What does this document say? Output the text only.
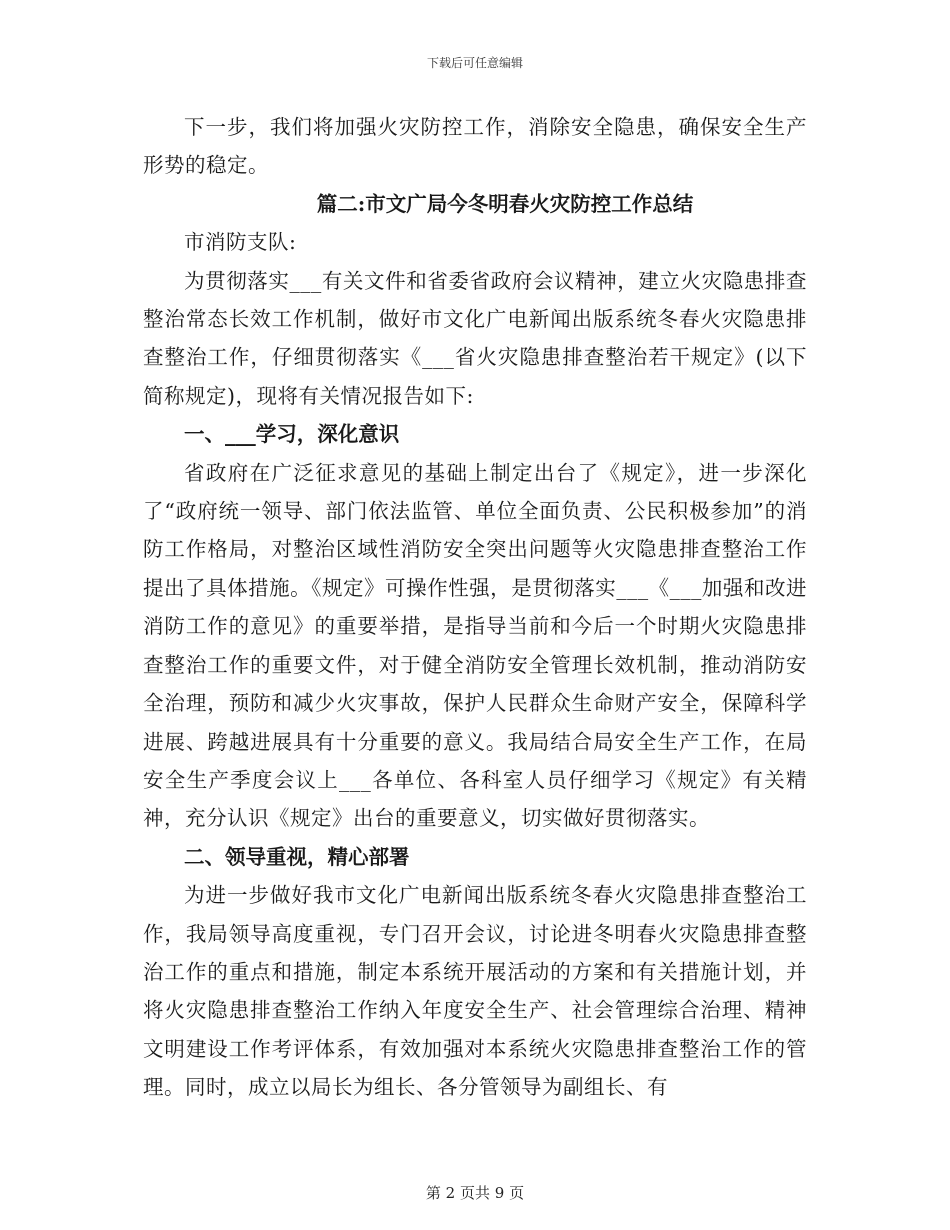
下载后可任意编辑

下一步，我们将加强火灾防控工作，消除安全隐患，确保安全生产形势的稳定。

篇二:市文广局今冬明春火灾防控工作总结

市消防支队:

为贯彻落实___有关文件和省委省政府会议精神，建立火灾隐患排查整治常态长效工作机制，做好市文化广电新闻出版系统冬春火灾隐患排查整治工作，仔细贯彻落实《___省火灾隐患排查整治若干规定》(以下简称规定)，现将有关情况报告如下:

一、___学习，深化意识

省政府在广泛征求意见的基础上制定出台了《规定》，进一步深化了“政府统一领导、部门依法监管、单位全面负责、公民积极参加”的消防工作格局，对整治区域性消防安全突出问题等火灾隐患排查整治工作提出了具体措施。《规定》可操作性强，是贯彻落实___《___加强和改进消防工作的意见》的重要举措，是指导当前和今后一个时期火灾隐患排查整治工作的重要文件，对于健全消防安全管理长效机制，推动消防安全治理，预防和减少火灾事故，保护人民群众生命财产安全，保障科学进展、跨越进展具有十分重要的意义。我局结合局安全生产工作，在局安全生产季度会议上___各单位、各科室人员仔细学习《规定》有关精神，充分认识《规定》出台的重要意义，切实做好贯彻落实。

二、领导重视，精心部署

为进一步做好我市文化广电新闻出版系统冬春火灾隐患排查整治工作，我局领导高度重视，专门召开会议，讨论进冬明春火灾隐患排查整治工作的重点和措施，制定本系统开展活动的方案和有关措施计划，并将火灾隐患排查整治工作纳入年度安全生产、社会管理综合治理、精神文明建设工作考评体系，有效加强对本系统火灾隐患排查整治工作的管理。同时，成立以局长为组长、各分管领导为副组长、有

第 2 页共 9 页
